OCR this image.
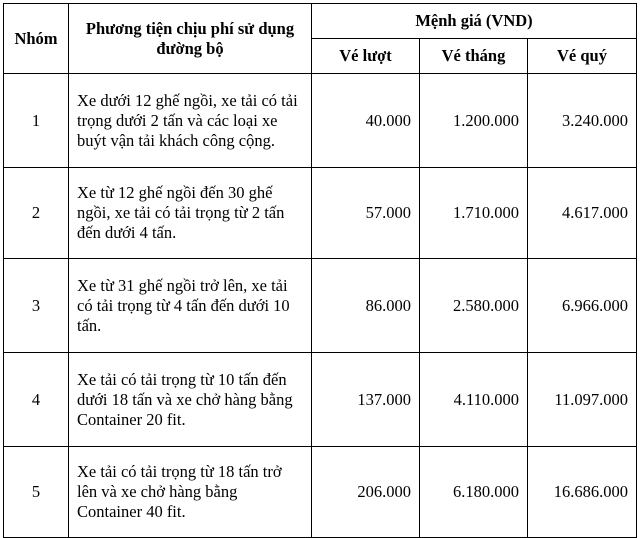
Nhóm	Phương tiện chịu phí sử dụng đường bộ	Mệnh giá (VND)		
		Vé lượt	Vé tháng	Vé quý
1	Xe dưới 12 ghế ngồi, xe tải có tải trọng dưới 2 tấn và các loại xe buýt vận tải khách công cộng.	40.000	1.200.000	3.240.000
2	Xe từ 12 ghế ngồi đến 30 ghế ngồi, xe tải có tải trọng từ 2 tấn đến dưới 4 tấn.	57.000	1.710.000	4.617.000
3	Xe từ 31 ghế ngồi trở lên, xe tải có tải trọng từ 4 tấn đến dưới 10 tấn.	86.000	2.580.000	6.966.000
4	Xe tải có tải trọng từ 10 tấn đến dưới 18 tấn và xe chở hàng bằng Container 20 fit.	137.000	4.110.000	11.097.000
5	Xe tải có tải trọng từ 18 tấn trở lên và xe chở hàng bằng Container 40 fit.	206.000	6.180.000	16.686.000
